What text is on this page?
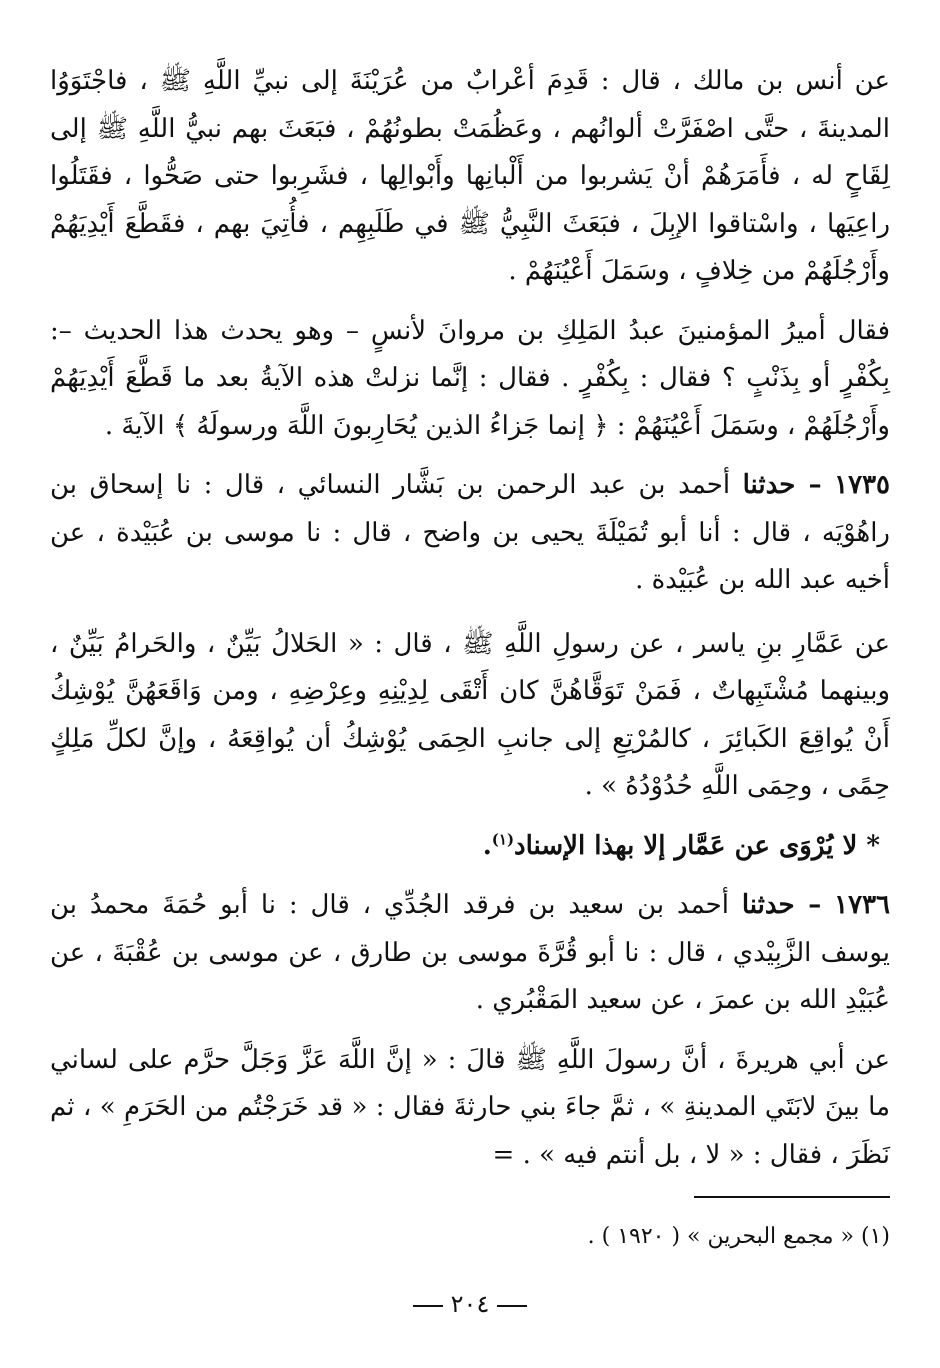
عن أنس بن مالك ، قال : قَدِمَ أعْرابٌ من عُرَيْنَةَ إلى نبيِّ اللَّهِ ﷺ ، فاجْتَوَوُا المدينةَ ، حتَّى اصْفَرَّتْ ألوانُهم ، وعَظُمَتْ بطونُهُمْ ، فبَعَثَ بهم نبيُّ اللَّهِ ﷺ إلى لِقَاحٍ له ، فأَمَرَهُمْ أنْ يَشربوا من أَلْبانِها وأَبْوالِها ، فشَرِبوا حتى صَحُّوا ، فقَتَلُوا راعِيَها ، واسْتاقوا الإبِلَ ، فبَعَثَ النَّبِيُّ ﷺ في طَلَبِهِم ، فأُتِيَ بهم ، فقَطَّعَ أَيْدِيَهُمْ وأَرْجُلَهُمْ من خِلافٍ ، وسَمَلَ أَعْيُنَهُمْ .

فقال أميرُ المؤمنينَ عبدُ المَلِكِ بن مروانَ لأنسٍ – وهو يحدث هذا الحديث –: بِكُفْرٍ أو بِذَنْبٍ ؟ فقال : بِكُفْرٍ . فقال : إنَّما نزلتْ هذه الآيةُ بعد ما قَطَّعَ أَيْدِيَهُمْ وأَرْجُلَهُمْ ، وسَمَلَ أَعْيُنَهُمْ : ﴿ إنما جَزاءُ الذين يُحَارِبونَ اللَّهَ ورسولَهُ ﴾ الآيةَ .

١٧٣٥ – حدثنا أحمد بن عبد الرحمن بن بَشَّار النسائي ، قال : نا إسحاق بن راهُوْيَه ، قال : أنا أبو تُمَيْلَةَ يحيى بن واضح ، قال : نا موسى بن عُبَيْدة ، عن أخيه عبد الله بن عُبَيْدة .

عن عَمَّارِ بنِ ياسر ، عن رسولِ اللَّهِ ﷺ ، قال : « الحَلالُ بَيِّنٌ ، والحَرامُ بَيِّنٌ ، وبينهما مُشْتَبِهاتٌ ، فَمَنْ تَوَقَّاهُنَّ كان أَتْقَى لِدِيْنِهِ وعِرْضِهِ ، ومن وَاقَعَهُنَّ يُوْشِكُ أَنْ يُواقِعَ الكَبائِرَ ، كالمُرْتِعِ إلى جانبِ الحِمَى يُوْشِكُ أن يُواقِعَهُ ، وإنَّ لكلِّ مَلِكٍ حِمًى ، وحِمَى اللَّهِ حُدُوْدُهُ » .

* لا يُرْوَى عن عَمَّار إلا بهذا الإسناد$^{(١)}$.

١٧٣٦ – حدثنا أحمد بن سعيد بن فرقد الجُدِّي ، قال : نا أبو حُمَةَ محمدُ بن يوسف الزَّبِيْدي ، قال : نا أبو قُرَّةَ موسى بن طارق ، عن موسى بن عُقْبَةَ ، عن عُبَيْدِ الله بن عمرَ ، عن سعيد المَقْبُري .

عن أبي هريرةَ ، أنَّ رسولَ اللَّهِ ﷺ قالَ : « إنَّ اللَّهَ عَزَّ وَجَلَّ حرَّم على لساني ما بينَ لابَتَي المدينةِ » ، ثمَّ جاءَ بني حارثةَ فقال : « قد خَرَجْتُم من الحَرَمِ » ، ثم نَظَرَ ، فقال : « لا ، بل أنتم فيه » . =

(١) « مجمع البحرين » ( ١٩٢٠ ) .

٢٠٤
